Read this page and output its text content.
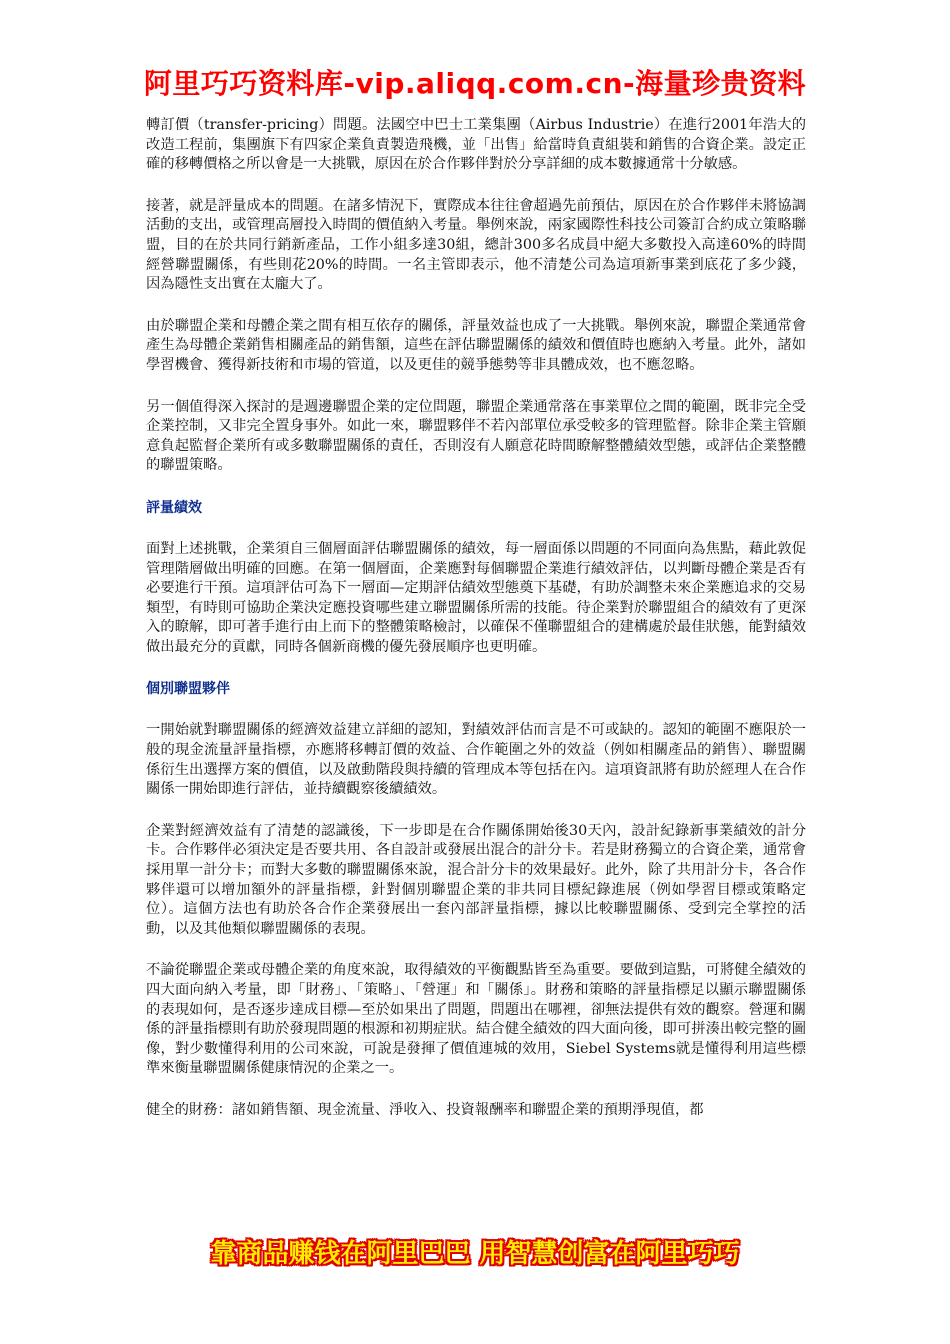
阿里巧巧资料库-vip.aliqq.com.cn-海量珍贵资料

轉訂價（transfer-pricing）問題。法國空中巴士工業集團（Airbus Industrie）在進行2001年浩大的改造工程前，集團旗下有四家企業負責製造飛機，並「出售」給當時負責組裝和銷售的合資企業。設定正確的移轉價格之所以會是一大挑戰，原因在於合作夥伴對於分享詳細的成本數據通常十分敏感。

接著，就是評量成本的問題。在諸多情況下，實際成本往往會超過先前預估，原因在於合作夥伴未將協調活動的支出，或管理高層投入時間的價值納入考量。舉例來說，兩家國際性科技公司簽訂合約成立策略聯盟，目的在於共同行銷新產品，工作小組多達30組，總計300多名成員中絕大多數投入高達60%的時間經營聯盟關係，有些則花20%的時間。一名主管即表示，他不清楚公司為這項新事業到底花了多少錢，因為隱性支出實在太龐大了。

由於聯盟企業和母體企業之間有相互依存的關係，評量效益也成了一大挑戰。舉例來說，聯盟企業通常會產生為母體企業銷售相關產品的銷售額，這些在評估聯盟關係的績效和價值時也應納入考量。此外，諸如學習機會、獲得新技術和市場的管道，以及更佳的競爭態勢等非具體成效，也不應忽略。

另一個值得深入探討的是週邊聯盟企業的定位問題，聯盟企業通常落在事業單位之間的範圍，既非完全受企業控制，又非完全置身事外。如此一來，聯盟夥伴不若內部單位承受較多的管理監督。除非企業主管願意負起監督企業所有或多數聯盟關係的責任，否則沒有人願意花時間瞭解整體績效型態，或評估企業整體的聯盟策略。

評量績效

面對上述挑戰，企業須自三個層面評估聯盟關係的績效，每一層面係以問題的不同面向為焦點，藉此敦促管理階層做出明確的回應。在第一個層面，企業應對每個聯盟企業進行績效評估，以判斷母體企業是否有必要進行干預。這項評估可為下一層面—定期評估績效型態奠下基礎，有助於調整未來企業應追求的交易類型，有時則可協助企業決定應投資哪些建立聯盟關係所需的技能。待企業對於聯盟組合的績效有了更深入的瞭解，即可著手進行由上而下的整體策略檢討，以確保不僅聯盟組合的建構處於最佳狀態，能對績效做出最充分的貢獻，同時各個新商機的優先發展順序也更明確。

個別聯盟夥伴

一開始就對聯盟關係的經濟效益建立詳細的認知，對績效評估而言是不可或缺的。認知的範圍不應限於一般的現金流量評量指標，亦應將移轉訂價的效益、合作範圍之外的效益（例如相關產品的銷售）、聯盟關係衍生出選擇方案的價值，以及啟動階段與持續的管理成本等包括在內。這項資訊將有助於經理人在合作關係一開始即進行評估，並持續觀察後續績效。

企業對經濟效益有了清楚的認識後，下一步即是在合作關係開始後30天內，設計紀錄新事業績效的計分卡。合作夥伴必須決定是否要共用、各自設計或發展出混合的計分卡。若是財務獨立的合資企業，通常會採用單一計分卡；而對大多數的聯盟關係來說，混合計分卡的效果最好。此外，除了共用計分卡，各合作夥伴還可以增加額外的評量指標，針對個別聯盟企業的非共同目標紀錄進展（例如學習目標或策略定位）。這個方法也有助於各合作企業發展出一套內部評量指標，據以比較聯盟關係、受到完全掌控的活動，以及其他類似聯盟關係的表現。

不論從聯盟企業或母體企業的角度來說，取得績效的平衡觀點皆至為重要。要做到這點，可將健全績效的四大面向納入考量，即「財務」、「策略」、「營運」和「關係」。財務和策略的評量指標足以顯示聯盟關係的表現如何，是否逐步達成目標—至於如果出了問題，問題出在哪裡，卻無法提供有效的觀察。營運和關係的評量指標則有助於發現問題的根源和初期症狀。結合健全績效的四大面向後，即可拼湊出較完整的圖像，對少數懂得利用的公司來說，可說是發揮了價值連城的效用，Siebel Systems就是懂得利用這些標準來衡量聯盟關係健康情況的企業之一。

健全的財務：諸如銷售額、現金流量、淨收入、投資報酬率和聯盟企業的預期淨現值，都

靠商品赚钱在阿里巴巴 用智慧创富在阿里巧巧
